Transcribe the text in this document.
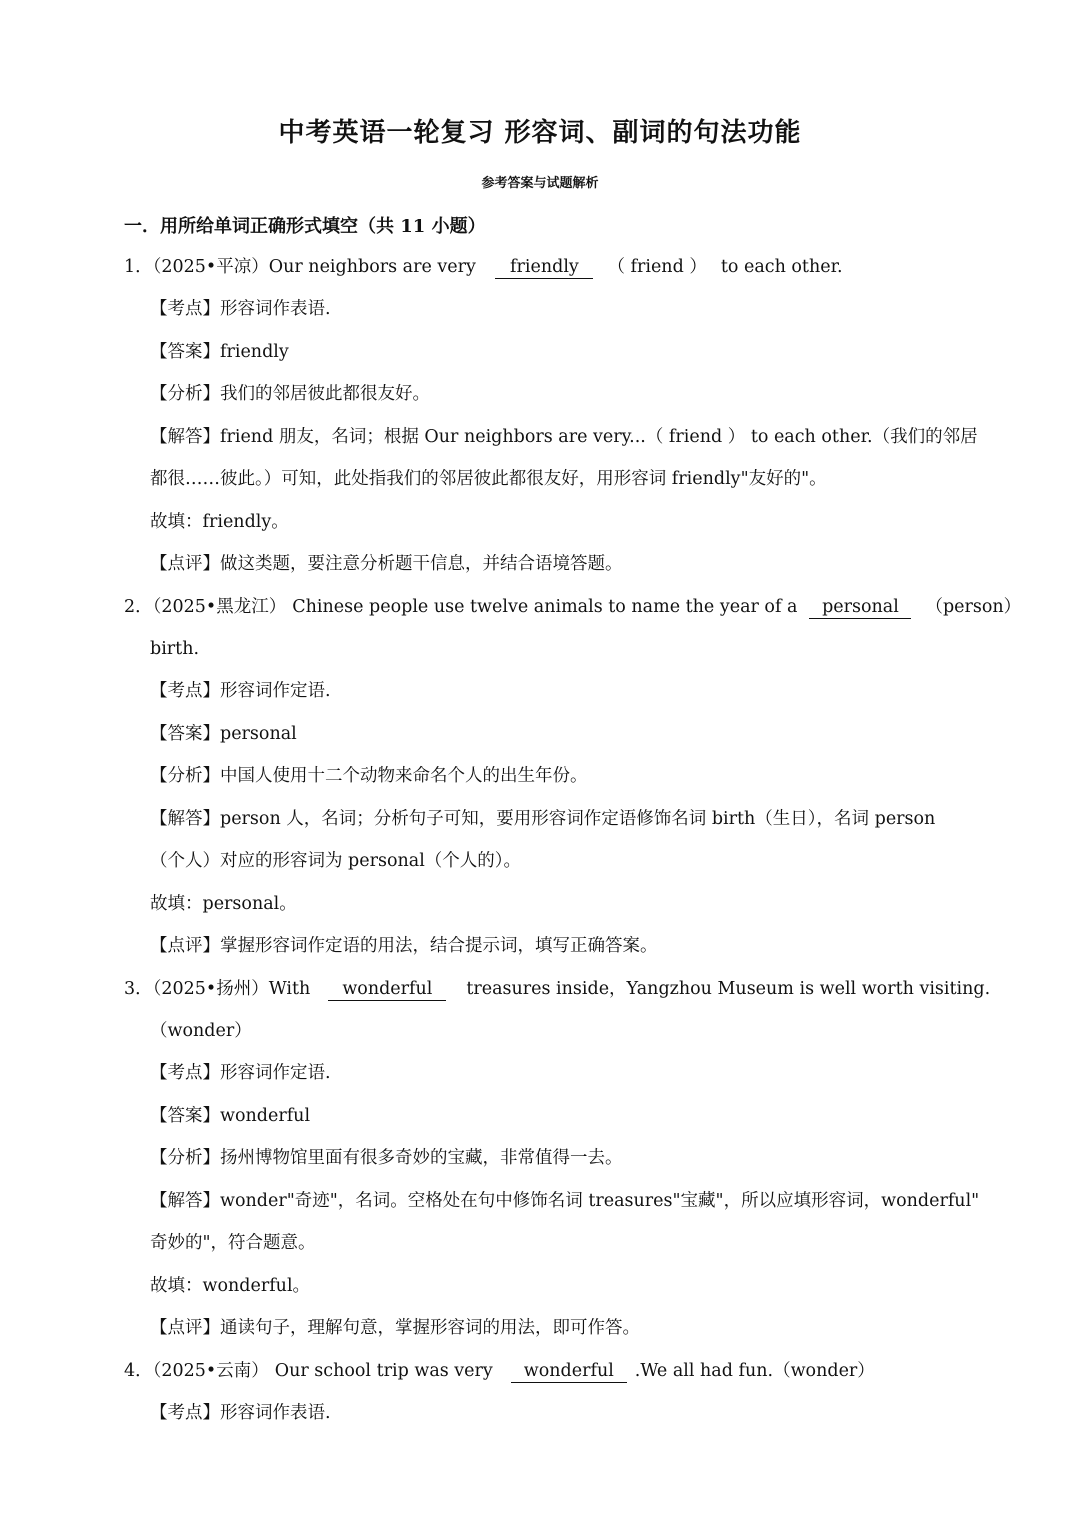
中考英语一轮复习 形容词、副词的句法功能
参考答案与试题解析
一．用所给单词正确形式填空（共 11 小题）
1．（2025•平凉）Our neighbors are very friendly （ friend ） to each other.
【考点】形容词作表语.
【答案】friendly
【分析】我们的邻居彼此都很友好。
【解答】friend 朋友，名词；根据 Our neighbors are very...（ friend ） to each other.（我们的邻居
都很……彼此。）可知，此处指我们的邻居彼此都很友好，用形容词 friendly"友好的"。
故填：friendly。
【点评】做这类题，要注意分析题干信息，并结合语境答题。
2．（2025•黑龙江） Chinese people use twelve animals to name the year of a personal （person）
birth.
【考点】形容词作定语.
【答案】personal
【分析】中国人使用十二个动物来命名个人的出生年份。
【解答】person 人，名词；分析句子可知，要用形容词作定语修饰名词 birth（生日），名词 person
（个人）对应的形容词为 personal（个人的）。
故填：personal。
【点评】掌握形容词作定语的用法，结合提示词，填写正确答案。
3．（2025•扬州）With wonderful treasures inside，Yangzhou Museum is well worth visiting.
（wonder）
【考点】形容词作定语.
【答案】wonderful
【分析】扬州博物馆里面有很多奇妙的宝藏，非常值得一去。
【解答】wonder"奇迹"，名词。空格处在句中修饰名词 treasures"宝藏"，所以应填形容词，wonderful"
奇妙的"，符合题意。
故填：wonderful。
【点评】通读句子，理解句意，掌握形容词的用法，即可作答。
4．（2025•云南） Our school trip was very wonderful .We all had fun.（wonder）
【考点】形容词作表语.
